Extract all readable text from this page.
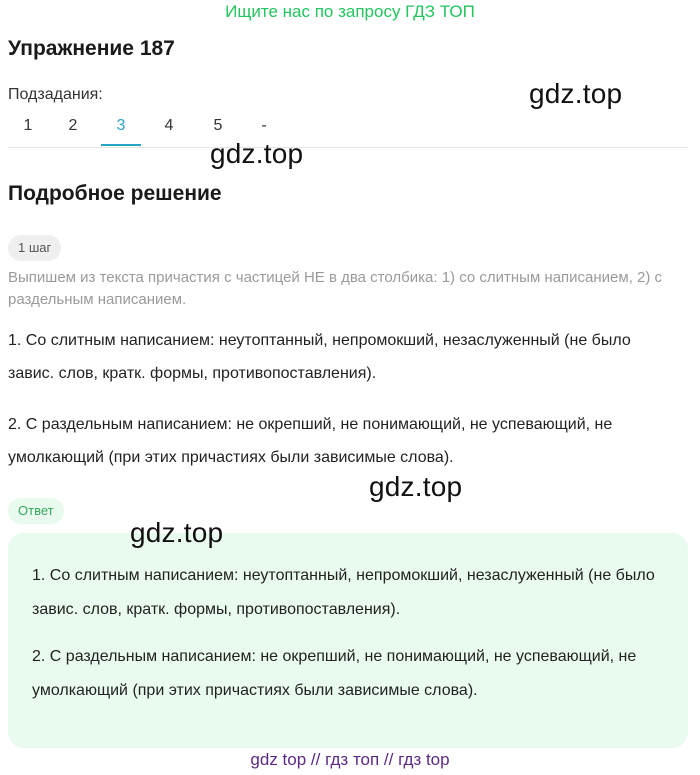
Ищите нас по запросу ГДЗ ТОП
Упражнение 187
Подзадания:
1	2	3	4	5	-
gdz.top
gdz.top
Подробное решение
1 шаг
Выпишем из текста причастия с частицей НЕ в два столбика: 1) со слитным написанием, 2) с раздельным написанием.
1. Со слитным написанием: неутоптанный, непромокший, незаслуженный (не было завис. слов, кратк. формы, противопоставления).
2. С раздельным написанием: не окрепший, не понимающий, не успевающий, не умолкающий (при этих причастиях были зависимые слова).
gdz.top
Ответ
1. Со слитным написанием: неутоптанный, непромокший, незаслуженный (не было завис. слов, кратк. формы, противопоставления).
2. С раздельным написанием: не окрепший, не понимающий, не успевающий, не умолкающий (при этих причастиях были зависимые слова).
gdz.top
gdz top // гдз топ // гдз top
